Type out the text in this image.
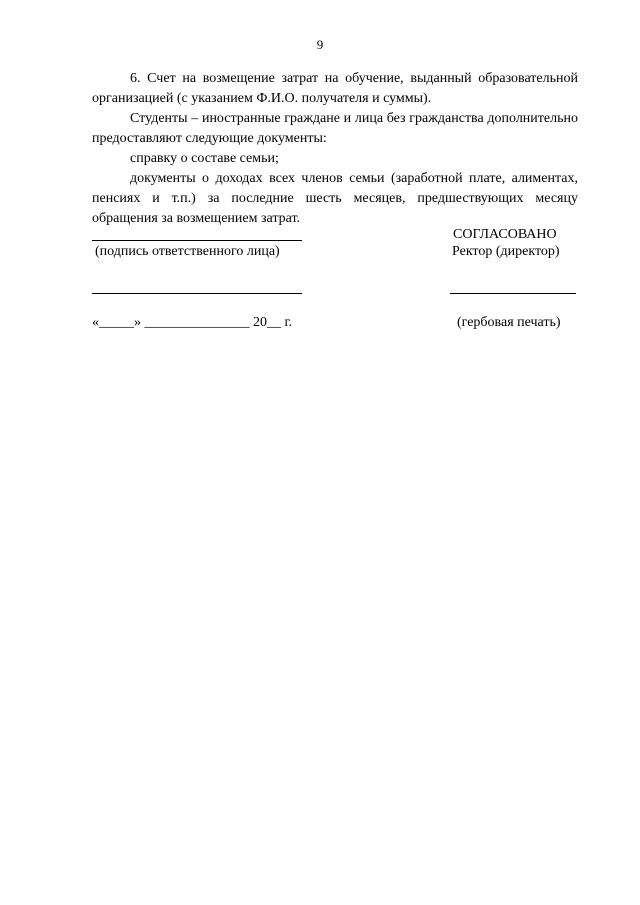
9

6. Счет на возмещение затрат на обучение, выданный образовательной организацией (с указанием Ф.И.О. получателя и суммы).

Студенты – иностранные граждане и лица без гражданства дополнительно предоставляют следующие документы:

справку о составе семьи;

документы о доходах всех членов семьи (заработной плате, алиментах, пенсиях и т.п.) за последние шесть месяцев, предшествующих месяцу обращения за возмещением затрат.

(подпись ответственного лица)
СОГЛАСОВАНО
Ректор (директор)
«_____» _______________ 20__ г.	(гербовая печать)
